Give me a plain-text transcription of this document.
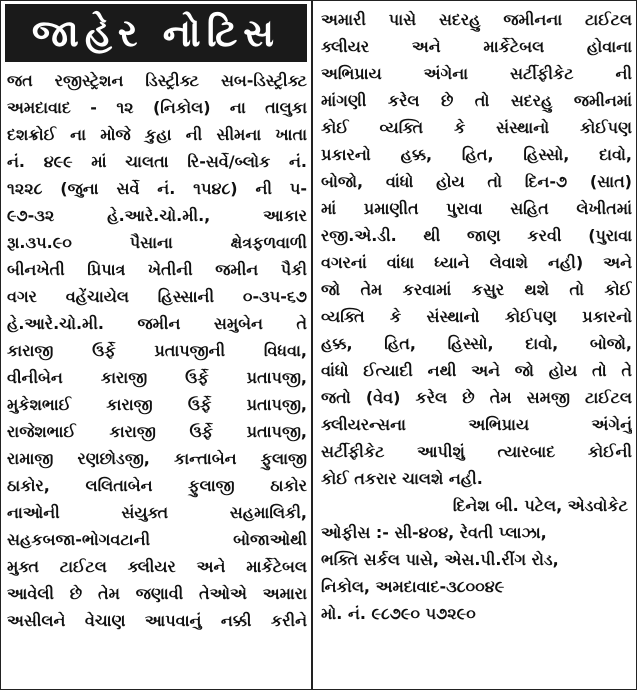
જાહેર નોટિસ
જત રજીસ્ટ્રેશન ડિસ્ટ્રીક્ટ સબ-ડિસ્ટ્રીક્ટ
અમદાવાદ - ૧૨ (નિકોલ) ના તાલુકા
દશક્રોઈ ના મોજે કુહા ની સીમના ખાતા
નં. ૪૯૯ માં ચાલતા રિ-સર્વે/બ્લોક નં.
૧૨૨૮ (જુના સર્વે નં. ૧૫૪૮) ની ૫-
૯૭-૩૨ હે.આરે.ચો.મી., આકાર
રૂા.૩૫.૯૦ પૈસાના ક્ષેત્રફળવાળી
બીનખેતી પ્રિપાત્ર ખેતીની જમીન પૈકી
વગર વહેંચાયેલ હિસ્સાની ૦-૩૫-૬૭
હે.આરે.ચો.મી. જમીન સમુબેન તે
કારાજી ઉર્ફે પ્રતાપજીની વિધવા,
વીનીબેન કારાજી ઉર્ફે પ્રતાપજી,
મુકેશભાઈ કારાજી ઉર્ફે પ્રતાપજી,
રાજેશભાઈ કારાજી ઉર્ફે પ્રતાપજી,
રામાજી રણછોડજી, કાન્તાબેન ફુલાજી
ઠાકોર, લલિતાબેન ફુલાજી ઠાકોર
નાઓની સંયુક્ત સહમાલિકી,
સહકબજા-ભોગવટાની બોજાઓથી
મુક્ત ટાઈટલ ક્લીયર અને માર્કેટેબલ
આવેલી છે તેમ જણાવી તેઓએ અમારા
અસીલને વેચાણ આપવાનું નક્કી કરીને
અમારી પાસે સદરહુ જમીનના ટાઈટલ
ક્લીયર અને માર્કેટેબલ હોવાના
અભિપ્રાય અંગેના સર્ટીફીકેટ ની
માંગણી કરેલ છે તો સદરહુ જમીનમાં
કોઈ વ્યક્તિ કે સંસ્થાનો કોઈપણ
પ્રકારનો હક્ક, હિત, હિસ્સો, દાવો,
બોજો, વાંધો હોય તો દિન-૭ (સાત)
માં પ્રમાણીત પુરાવા સહિત લેખીતમાં
રજી.એ.ડી. થી જાણ કરવી (પુરાવા
વગરનાં વાંધા ધ્યાને લેવાશે નહી) અને
જો તેમ કરવામાં કસુર થશે તો કોઈ
વ્યક્તિ કે સંસ્થાનો કોઈપણ પ્રકારનો
હક્ક, હિત, હિસ્સો, દાવો, બોજો,
વાંધો ઈત્યાદી નથી અને જો હોય તો તે
જતો (વેવ) કરેલ છે તેમ સમજી ટાઈટલ
ક્લીયરન્સના અભિપ્રાય અંગેનું
સર્ટીફીકેટ આપીશું ત્યારબાદ કોઈની
કોઈ તકરાર ચાલશે નહી.
દિનેશ બી. પટેલ, એડવોકેટ
ઓફીસ :- સી-૪૦૪, રેવતી પ્લાઝા,
ભક્તિ સર્કલ પાસે, એસ.પી.રીંગ રોડ,
નિકોલ, અમદાવાદ-૩૮૦૦૪૯
મો. નં. ૯૮૭૯૦ ૫૭૨૯૦
